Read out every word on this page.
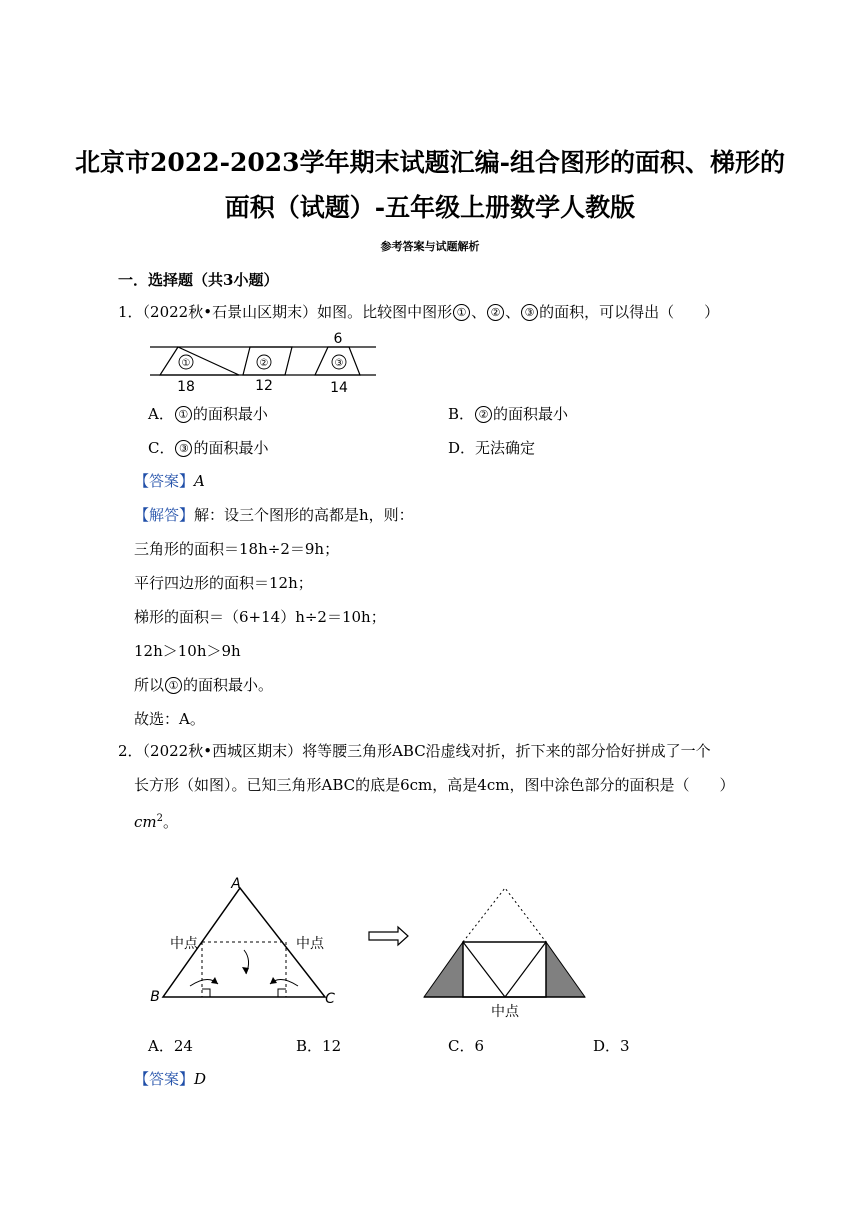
北京市2022-2023学年期末试题汇编-组合图形的面积、梯形的
面积（试题）-五年级上册数学人教版
参考答案与试题解析
一．选择题（共3小题）
1．（2022秋•石景山区期末）如图。比较图中图形 ① 、 ② 、 ③ 的面积，可以得出（　　）
①	②	③
6
18	12	14
A． ① 的面积最小	B． ② 的面积最小
C． ③ 的面积最小	D．无法确定
【答案】A
【解答】解：设三个图形的高都是h，则：
三角形的面积＝18h÷2＝9h；
平行四边形的面积＝12h；
梯形的面积＝（6+14）h÷2＝10h；
12h＞10h＞9h
所以 ① 的面积最小。
故选：A。
2．（2022秋•西城区期末）将等腰三角形ABC沿虚线对折，折下来的部分恰好拼成了一个
长方形（如图）。已知三角形ABC的底是6cm，高是4cm，图中涂色部分的面积是（　　）
$cm^2$。
A
B	C
中点	中点
中点
A．24	B．12	C．6	D．3
【答案】D
